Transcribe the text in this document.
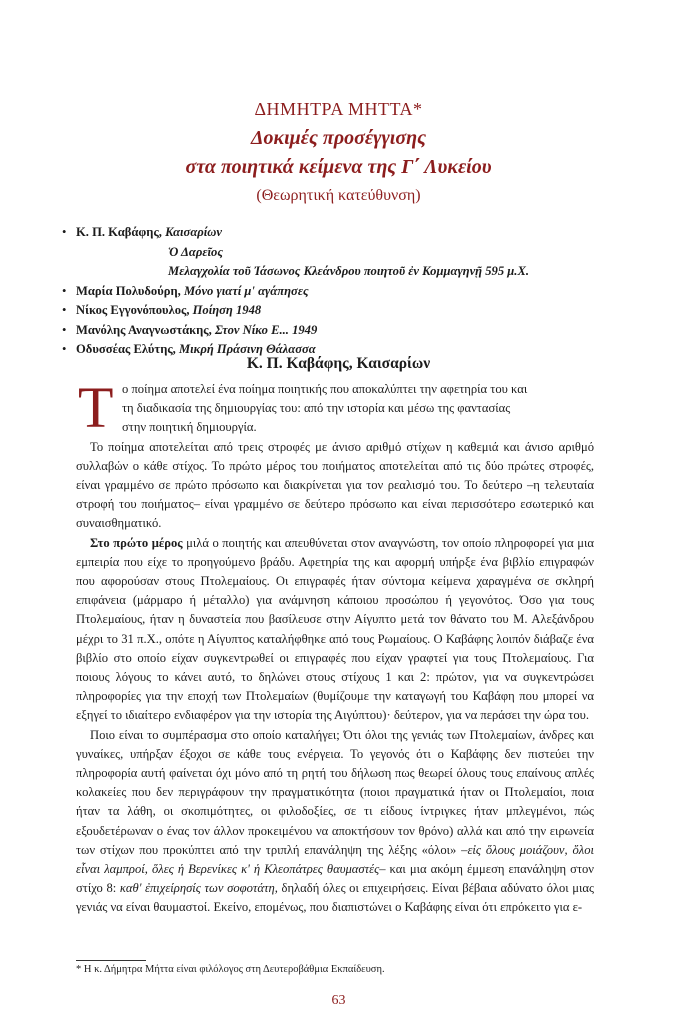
ΔΗΜΗΤΡΑ ΜΗΤΤΑ*
Δοκιμές προσέγγισης
στα ποιητικά κείμενα της Γ΄ Λυκείου
(Θεωρητική κατεύθυνση)
• Κ. Π. Καβάφης, Καισαρίων
Ὁ Δαρεῖος
Μελαγχολία τοῦ Ἰάσωνος Κλεάνδρου ποιητοῦ ἐν Κομμαγηνῇ 595 μ.Χ.
• Μαρία Πολυδούρη, Μόνο γιατί μ' αγάπησες
• Νίκος Εγγονόπουλος, Ποίηση 1948
• Μανόλης Αναγνωστάκης, Στον Νίκο Ε... 1949
• Οδυσσέας Ελύτης, Μικρή Πράσινη Θάλασσα
Κ. Π. Καβάφης, Καισαρίων
Τ ο ποίημα αποτελεί ένα ποίημα ποιητικής που αποκαλύπτει την αφετηρία του και

τη διαδικασία της δημιουργίας του: από την ιστορία και μέσω της φαντασίας

στην ποιητική δημιουργία.

Το ποίημα αποτελείται από τρεις στροφές με άνισο αριθμό στίχων η καθεμιά και άνισο αριθμό συλλαβών ο κάθε στίχος. Το πρώτο μέρος του ποιήματος αποτελείται από τις δύο πρώτες στροφές, είναι γραμμένο σε πρώτο πρόσωπο και διακρίνεται για τον ρεαλισμό του. Το δεύτερο –η τελευταία στροφή του ποιήματος– είναι γραμμένο σε δεύτερο πρόσωπο και είναι περισσότερο εσωτερικό και συναισθηματικό.

Στο πρώτο μέρος μιλά ο ποιητής και απευθύνεται στον αναγνώστη, τον οποίο πληροφορεί για μια εμπειρία που είχε το προηγούμενο βράδυ. Αφετηρία της και αφορμή υπήρξε ένα βιβλίο επιγραφών που αφορούσαν στους Πτολεμαίους. Οι επιγραφές ήταν σύντομα κείμενα χαραγμένα σε σκληρή επιφάνεια (μάρμαρο ή μέταλλο) για ανάμνηση κάποιου προσώπου ή γεγονότος. Όσο για τους Πτολεμαίους, ήταν η δυναστεία που βασίλευσε στην Αίγυπτο μετά τον θάνατο του Μ. Αλεξάνδρου μέχρι το 31 π.Χ., οπότε η Αίγυπτος καταλήφθηκε από τους Ρωμαίους. Ο Καβάφης λοιπόν διάβαζε ένα βιβλίο στο οποίο είχαν συγκεντρωθεί οι επιγραφές που είχαν γραφτεί για τους Πτολεμαίους. Για ποιους λόγους το κάνει αυτό, το δηλώνει στους στίχους 1 και 2: πρώτον, για να συγκεντρώσει πληροφορίες για την εποχή των Πτολεμαίων (θυμίζουμε την καταγωγή του Καβάφη που μπορεί να εξηγεί το ιδιαίτερο ενδιαφέρον για την ιστορία της Αιγύπτου)· δεύτερον, για να περάσει την ώρα του.

Ποιο είναι το συμπέρασμα στο οποίο καταλήγει; Ότι όλοι της γενιάς των Πτολεμαίων, άνδρες και γυναίκες, υπήρξαν έξοχοι σε κάθε τους ενέργεια. Το γεγονός ότι ο Καβάφης δεν πιστεύει την πληροφορία αυτή φαίνεται όχι μόνο από τη ρητή του δήλωση πως θεωρεί όλους τους επαίνους απλές κολακείες που δεν περιγράφουν την πραγματικότητα (ποιοι πραγματικά ήταν οι Πτολεμαίοι, ποια ήταν τα λάθη, οι σκοπιμότητες, οι φιλοδοξίες, σε τι είδους ίντριγκες ήταν μπλεγμένοι, πώς εξουδετέρωναν ο ένας τον άλλον προκειμένου να αποκτήσουν τον θρόνο) αλλά και από την ειρωνεία των στίχων που προκύπτει από την τριπλή επανάληψη της λέξης «όλοι» –εἰς ὅλους μοιάζουν, ὅλοι εἶναι λαμπροί, ὅλες ἡ Βερενίκες κ' ἡ Κλεοπάτρες θαυμαστές– και μια ακόμη έμμεση επανάληψη στον στίχο 8: καθ' ἐπιχείρησίς των σοφοτάτη, δηλαδή όλες οι επιχειρήσεις. Είναι βέβαια αδύνατο όλοι μιας γενιάς να είναι θαυμαστοί. Εκείνο, επομένως, που διαπιστώνει ο Καβάφης είναι ότι επρόκειτο για ε-

* Η κ. Δήμητρα Μήττα είναι φιλόλογος στη Δευτεροβάθμια Εκπαίδευση.
63
